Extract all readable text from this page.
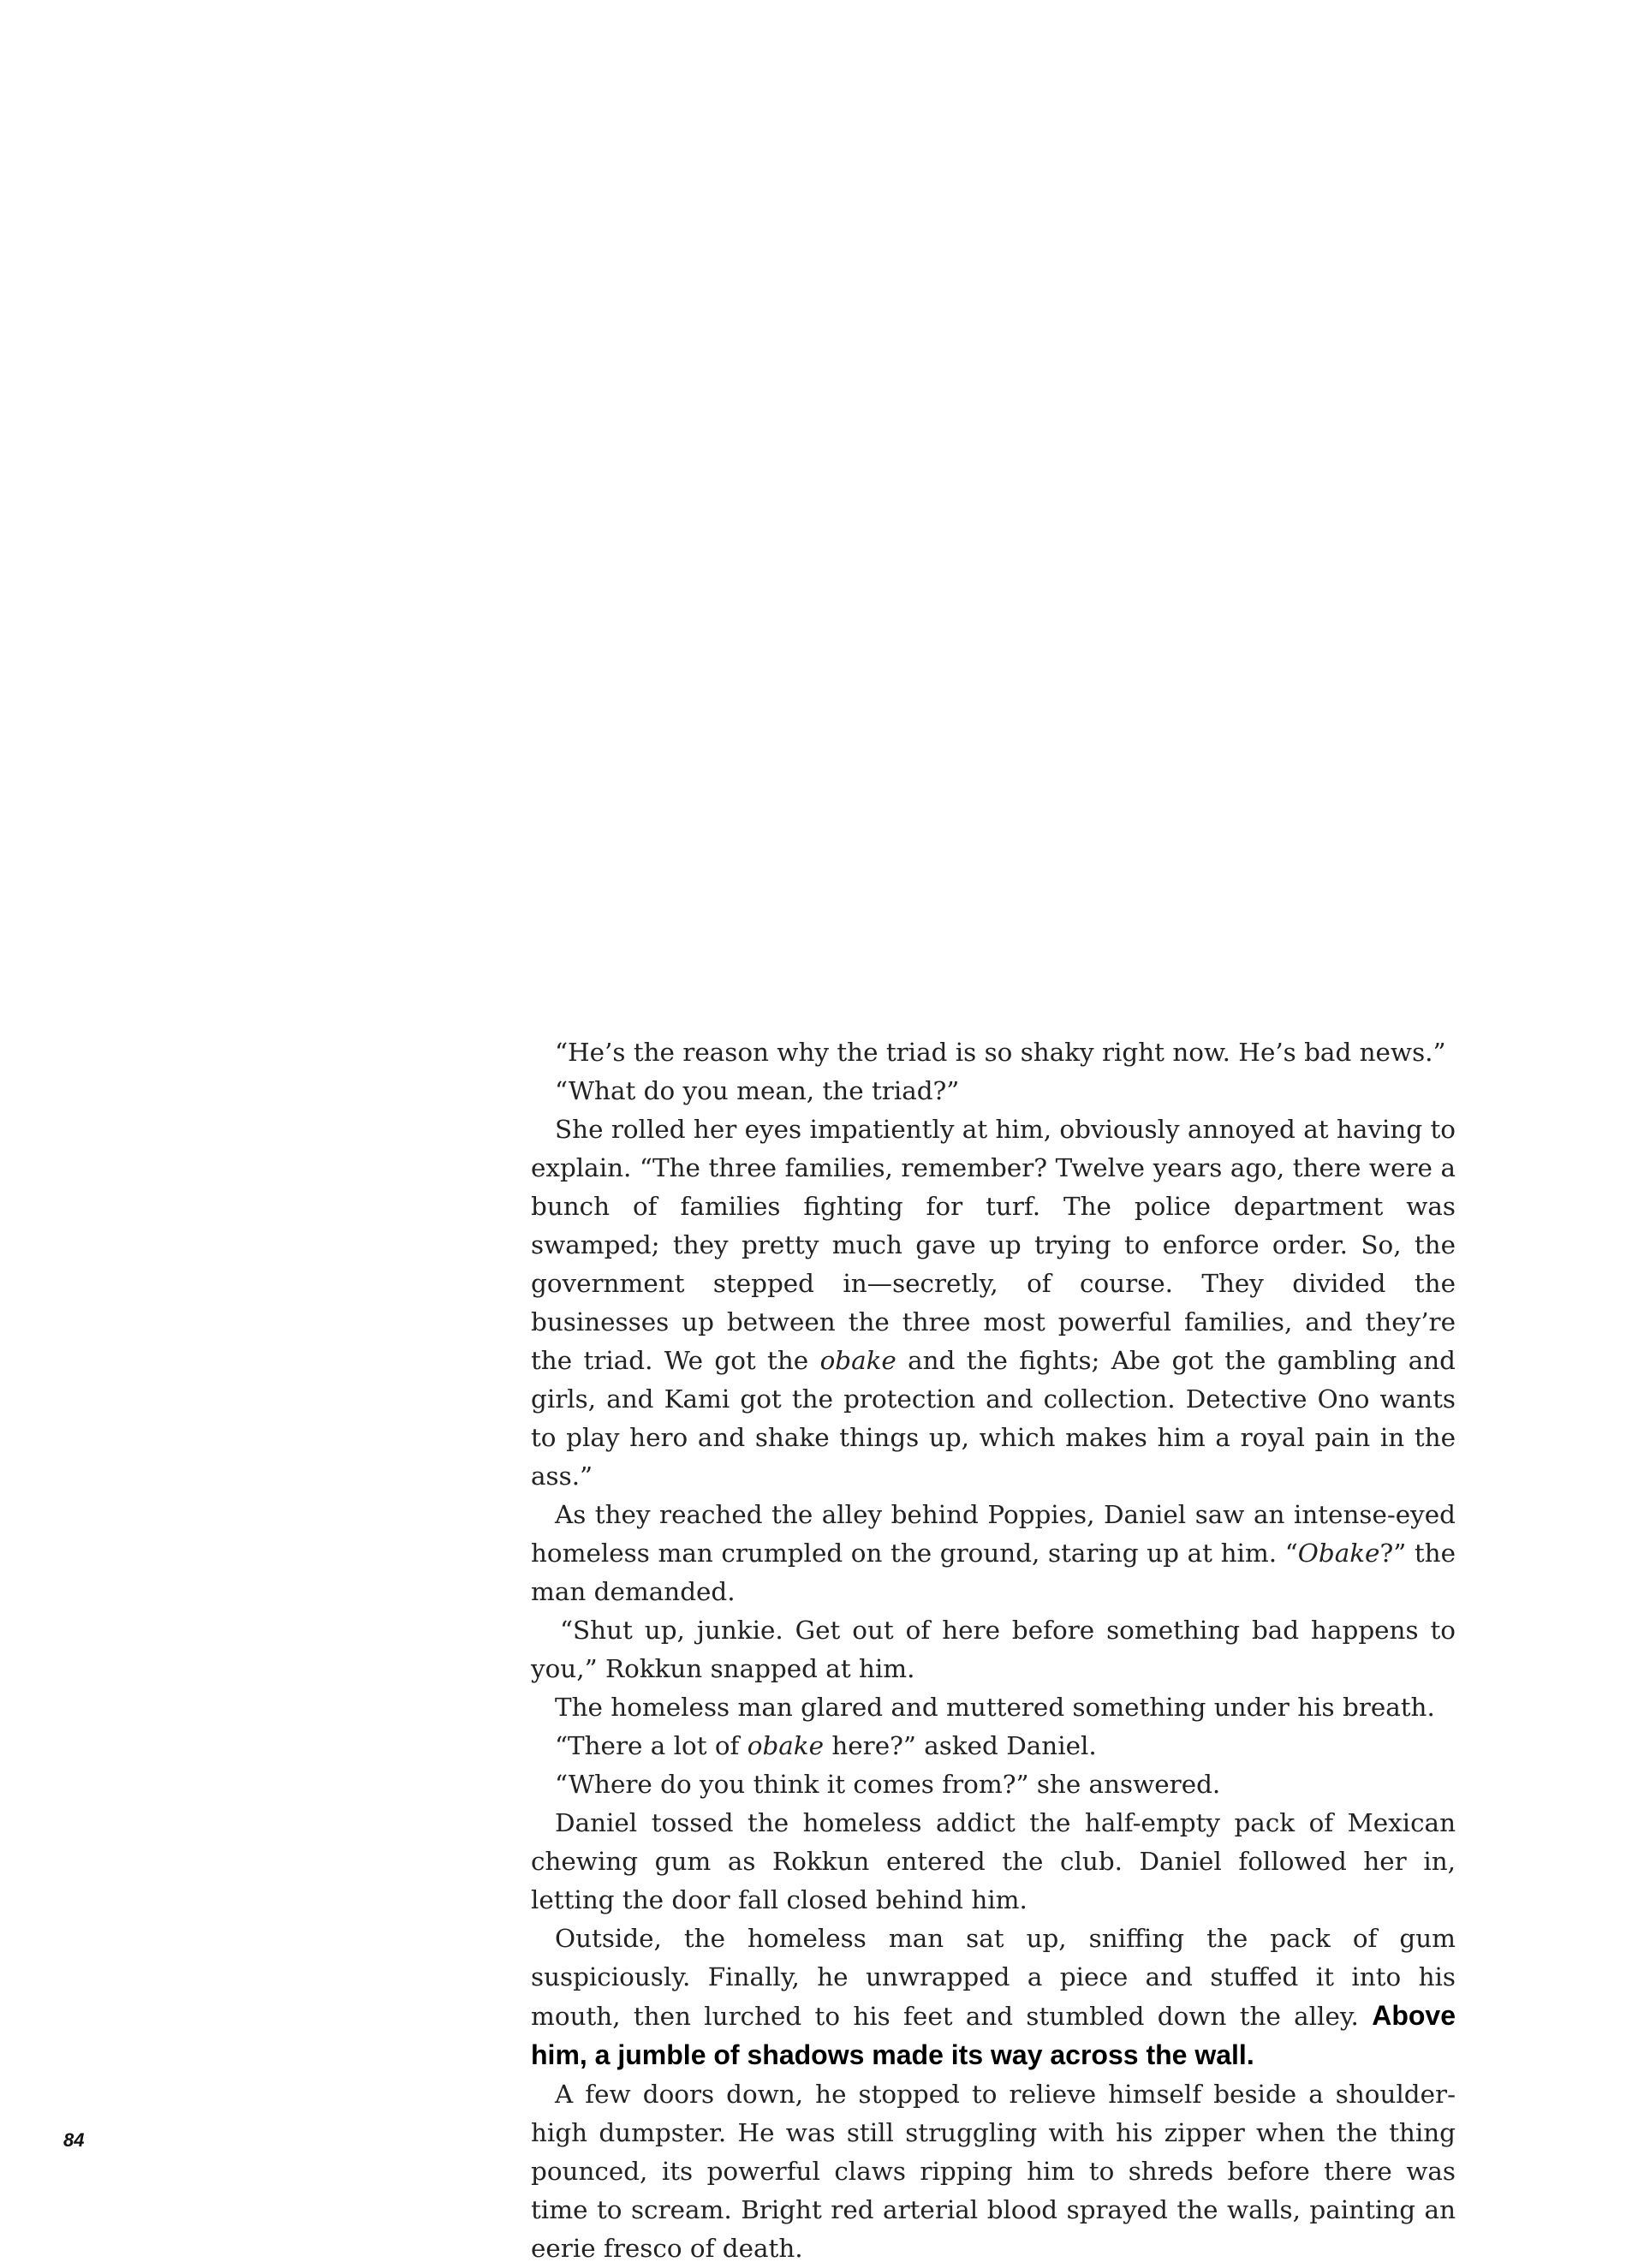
“He’s the reason why the triad is so shaky right now. He’s bad news.”

“What do you mean, the triad?”

She rolled her eyes impatiently at him, obviously annoyed at having to explain. “The three families, remember? Twelve years ago, there were a bunch of families fighting for turf. The police department was swamped; they pretty much gave up trying to enforce order. So, the government stepped in—secretly, of course. They divided the businesses up between the three most powerful families, and they’re the triad. We got the obake and the fights; Abe got the gambling and girls, and Kami got the protection and collection. Detective Ono wants to play hero and shake things up, which makes him a royal pain in the ass.”

As they reached the alley behind Poppies, Daniel saw an intense-eyed homeless man crumpled on the ground, staring up at him. “Obake?” the man demanded.

“Shut up, junkie. Get out of here before something bad happens to you,” Rokkun snapped at him.

The homeless man glared and muttered something under his breath.

“There a lot of obake here?” asked Daniel.

“Where do you think it comes from?” she answered.

Daniel tossed the homeless addict the half-empty pack of Mexican chewing gum as Rokkun entered the club. Daniel followed her in, letting the door fall closed behind him.

Outside, the homeless man sat up, sniffing the pack of gum suspiciously. Finally, he unwrapped a piece and stuffed it into his mouth, then lurched to his feet and stumbled down the alley. Above him, a jumble of shadows made its way across the wall.

A few doors down, he stopped to relieve himself beside a shoulder-high dumpster. He was still struggling with his zipper when the thing pounced, its powerful claws ripping him to shreds before there was time to scream. Bright red arterial blood sprayed the walls, painting an eerie fresco of death.

84
